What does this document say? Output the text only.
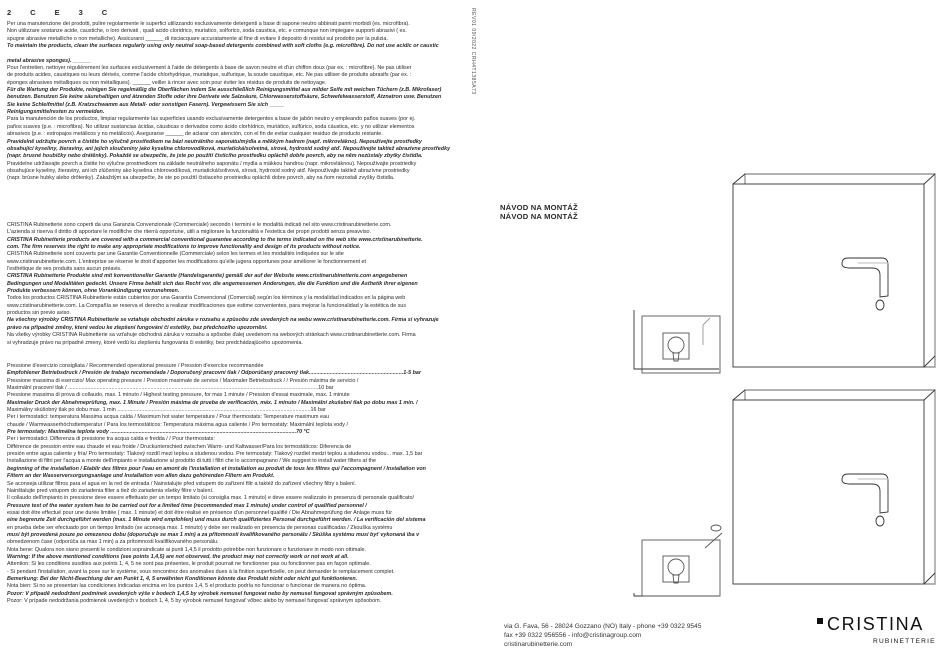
2 C E 3 C	REV01 09/2022 CRH4T1385A73

Per una manutenzione dei prodotti, pulire regolarmente le superfici utilizzando esclusivamente detergenti a base di sapone neutro abbinati panni morbidi (es. microfibra).

Non utilizzare sostanze acide, caustiche, o loro derivati , quali acido cloridrico, muriatico, solforico, soda caustica, etc. e comunque non impiegare supporti abrasivi ( es.

spugne abrasive metalliche o non metalliche). Assicurarsi ______ di risciacquare accuratamente al fine di evitare il deposito di residui sul prodotto per la pulizia.

To maintain the products, clean the surfaces regularly using only neutral soap-based detergents combined with soft cloths (e.g. microfibre). Do not use acidic or caustic

metal abrasive sponges). ______

Pour l'entretien, nettoyer régulièrement les surfaces exclusivement à l'aide de détergents à base de savon neutre et d'un chiffon doux (par ex. : microfibre). Ne pas utiliser

de produits acides, caustiques ou leurs dérivés, comme l'acide chlorhydrique, muriatique, sulfurique, la soude caustique, etc. Ne pas utiliser de produits abrasifs (par ex. :

éponges abrasives métalliques ou non métalliques). ______ veiller à rincer avec soin pour éviter les résidus de produits de nettoyage.

Für die Wartung der Produkte, reinigen Sie regelmäßig die Oberflächen indem Sie ausschließlich Reinigungsmittel aus milder Seife mit weichen Tüchern (z.B. Mikrofaser)

benutzen. Benutzen Sie keine säurehaltigen und ätzenden Stoffe oder ihre Derivate wie Salzsäure, Chlorwasserstoffsäure, Schwefelwasserstoff, Ätznatron usw. Benutzen

Sie keine Schleifmittel (z.B. Kratzschwamm aus Metall- oder sonstigen Fasern). Vergewissern Sie sich _____

Reinigungsmittelresten zu vermeiden.

Para la manutención de los productos, limpiar regularmente las superficies usando exclusivamente detergentes a base de jabón neutro y empleando paños suaves (por ej.

paños suaves (p.e. : microfibra). No utilizar sustancias ácidas, cáusticas o derivados como ácido clorhídrico, muriático, sulfúrico, soda cáustica, etc. y no utilizar elementos

abrasivos (p.e. : estropajos metálicos y no metálicos). Asegurarse ______ de aclarar con atención, con el fin de evitar cualquier residuo de producto restante.

Pravidelně udržujte povrch a čistěte ho výlučně prostředkem na bázi neutrálního saponátu/mýdla a měkkým hadrem (např. mikrovlákno). Nepoužívejte prostředky

obsahující kyseliny, žieraviny, ani jejich sloučeniny jako kyselina chlorovodíková, muriatická/solvetná, sírová, hydroxid sodný atď. Nepoužívejte taktiež abrazívne prostředky

(napr. brusné houbičky nebo drátěnky). Pokaždé se ubezpečte, že jste po použití čisticího prostředku opláchli dobře povrch, aby na něm nezůstaly zbytky čistidla.

Pravidelne udržiavajte povrch a čistite ho výlučne prostriedkom na základe neutrálneho saponátu / mydla a mäkkou handrou (napr. mikrovláknou). Nepoužívajte prostriedky

obsahujúce kyseliny, žieraviny, ani ich zlúčeniny ako kyselina chlorovodíková, muriatická/solivová, sírová, hydroxid sodný atď. Nepoužívajte taktiež abrazívne prostriedky

(napr. brúsne hubky alebo drôtenky). Zakaždým sa ubezpečte, že ste po použití čistiaceho prostriedku opláchli dobre povrch, aby na ňom nezostali zvyšky čistidla.

CRISTINA Rubinetterie sono coperti da una Garanzia Convenzionale (Commerciale) secondo i termini e le modalità indicati nel sito www.cristinarubinetterie.com.

L'azienda si riserva il diritto di apportare le modifiche che riterrà opportune, utili a migliorare la funzionalità e l'estetica dei propri prodotti senza preavviso.

CRISTINA Rubinetterie products are covered with a commercial conventional guarantee according to the terms indicated on the web site www.cristinarubinetterie.

com. The firm reserves the right to make any appropriate modifications to improve functionality and design of its products without notice.

CRISTINA Rubinetterie sont couverts par une Garantie Conventionnelle (Commerciale) selon les termes et les modalités indiquées sur le site

www.cristinarubinetterie.com. L'entreprise se réserve le droit d'apporter les modifications qu'elle jugera opportunes pour améliorer le fonctionnement et

l'esthétique de ses produits sans aucun préavis.

CRISTINA Rubinetterie Produkte sind mit konventioneller Garantie (Handelsgarantie) gemäß der auf der Website www.cristinarubinetterie.com angegebenen

Bedingungen und Modalitäten gedeckt. Unsere Firma behält sich das Recht vor, die angemessenen Änderungen, die die Funktion und die Ästhetik ihrer eigenen

Produkte verbessern können, ohne Vorankündigung vorzunehmen.

Todos los productos CRISTINA Rubinetterie están cubiertos por una Garantía Convencional (Comercial) según los términos y la modalidad indicados en la página web

www.cristinarubinetterie.com. La Compañía se reserva el derecho a realizar modificaciones que estime convenientes, para mejorar la funcionalidad y la estética de sus

productos sin previo aviso.

Na všechny výrobky CRISTINA Rubinetterie se vztahuje obchodní záruka v rozsahu a způsobu zde uvedených na webu www.cristinarubinetterie.com. Firma si vyhrazuje

právo na případné změny, které vedou ke zlepšení fungování či estetiky, bez předchozího upozornění.

Na všetky výrobky CRISTINA Rubinetterie sa vzťahuje obchodná záruka v rozsahu a spôsobe ďalej uvedenom na webových stránkach www.cristinarubinetterie.com. Firma

si vyhradzuje právo na prípadné zmeny, ktoré vedú ku zlepšeniu fungovania či estetiky, bez predchádzajúceho upozornenia.

Pressione d'esercizio consigliata / Recommended operational pressure / Pression d'exercice recommandée

Empfohlener Betriebsdruck / Presión de trabajo recomendada / Doporučený pracovní tlak / Odporúčaný pracovný tlak...............................................................1-5 bar

Pressione massima di esercizio/ Max operating pressure / Pression maximale de service / Maximaler Betriebsdruck / / Presión máxima de servicio /

Maximální pracovní tlak / .......................................................................................................................................................................10 bar

Pressione massima di prova di collaudo, max. 1 minuto / Highest testing pressure, for max 1 minute / Pression d'essai maximale, max. 1 minute

Maximaler Druck der Abnahmeprüfung, max. 1 Minute / Presión máxima de prueba de verificación, máx. 1 minuto / Maximální zkušební tlak po dobu max 1 min. /

Maximálny skúšobný tlak po dobu max. 1 min .................................................................................................................................16 bar

Per i termostatici: temperatura Massima acqua calda / Maximum hot water temperature / Pour thermostats: Temperature maximum eau

chaude / Warmwasserhöchsttemperatur / Para los termostáticos: Temperatura máxima agua caliente / Pro termostaty: Maximální teplota vody /

Pre termostaty: Maximálna teplota vody ............................................................................................................................70 °C

Per i termostatici: Differenza di pressione tra acqua calda e fredda / / Pour thermostats:

Différence de pression entre eau chaude et eau froide / Druckunterschied zwischen Warm- und Kaltwasser/Para los termostáticos: Diferencia de

presión entre agua caliente y fría/ Pro termostaty: Tlakový rozdíl mezi teplou a studenou vodou. Pre termostaty: Tlakový rozdiel medzi teplou a studenou vodou... max. 1,5 bar

Installazione di filtri per l'acqua a monte dell'impianto e installazione al prodotto di tutti i filtri che lo accompagnano / We suggest to install water filters at the

beginning of the installation / Etablir des filtres pour l'eau en amont de l'installation et installation au produit de tous les filtres qui l'accompagnent / Installation von

Filtern an der Wasserversorgungsanlage und Installation von allen dazu gehörenden Filtern am Produkt.

Se aconseja utilizar filtros para el agua en la red de entrada / Nainstalujte před vstupem do zařízení filtr a taktéž do zařízení všechny filtry s balení.

Nainštalujte pred vstupom do zariadenia filter a tiež do zariadenia všetky filtre v balení.

Il collaudo dell'impianto in pressione deve essere effettuato per un tempo limitato (si consiglia max. 1 minuto) e deve essere realizzato in presenza di personale qualificato/

Pressure test of the water system has to be carried out for a limited time (recommended max 1 minute) under control of qualified personnel /

essai doit être effectué pour une durée limitée ( max. 1 minute) et doit être réalisé en présence d'un personnel qualifié / Die Abnahmeprüfung der Anlage muss für

eine begrenzte Zeit durchgeführt werden (max. 1 Minute wird empfohlen) und muss durch qualifiziertes Personal durchgeführt werden. / La verificación del sistema

en prueba debe ser efectuado por un tiempo limitado (se aconseja max. 1 minuto) y debe ser realizado en presencia de personas cualificadas / Zkouška systému

musí být provedená pouze po omezenou dobu (doporučuje se max 1 min) a za přítomnosti kvalifikovaného personálu / Skúška systému musí byť vykonaná iba v

obmedzenom čase (odporúča sa max 1 min) a za prítomnosti kvalifikovaného personálu.

Nota bene: Qualora non siano presenti le condizioni sopraindicate ai punti 1,4,5 il prodotto potrebbe non funzionare o funzionare in modo non ottimale.

Warning: If the above mentioned conditions (see points 1,4,5) are not observed, the product may not correctly work or not work at all.

Attention: Si les conditions susdites aux points 1, 4, 5 ne sont pas présentes, le produit pourrait ne fonctionner pas ou fonctionner pas en façon optimale.

- Si pendant l'installation, avant la pose sur le système, vous rencontrez des anomalies dues à la finition superficielle, on peut demander le remplacement complet.

Bemerkung: Bei der Nicht-Beachtung der am Punkt 1, 4, 5 erwähnten Konditionen könnte das Produkt nicht oder nicht gut funktionieren.

Nota bien: Si no se presentan las condiciones indicadas encima en los puntos 1,4, 5 el producto podría no funcionar o funcionar de manera no óptima.

Pozor: V případě nedodržení podmínek uvedených výše v bodech 1,4,5 by výrobek nemusel fungovat nebo by nemusel fungovat správným způsobem.

Pozor: V prípade nedodržania podmienok uvedených v bodoch 1, 4, 5 by výrobok nemusel fungovať vôbec alebo by nemusel fungovať správnym spôsobom.

NÁVOD NA MONTÁŽ
NÁVOD NA MONTÁŽ

via G. Fava, 56 - 28024 Gozzano (NO) Italy - phone +39 0322 9545

fax +39 0322 956556 - info@cristinagroup.com

cristinarubinetterie.com

CRISTINA
RUBINETTERIE
